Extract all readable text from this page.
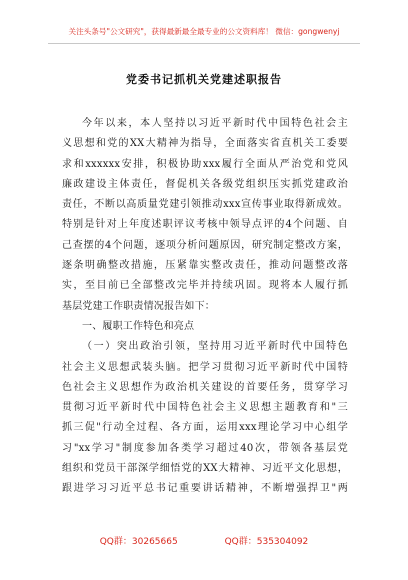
关注头条号"公文研究"，获得最新最全最专业的公文资料库！ 微信：gongwenyj
党委书记抓机关党建述职报告
今年以来，本人坚持以习近平新时代中国特色社会主
义思想和党的XX大精神为指导，全面落实省直机关工委要
求和xxxxxx安排，积极协助xxx履行全面从严治党和党风
廉政建设主体责任，督促机关各级党组织压实抓党建政治
责任，不断以高质量党建引领推动xxx宣传事业取得新成效。
特别是针对上年度述职评议考核中领导点评的4个问题、自
己查摆的4个问题，逐项分析问题原因，研究制定整改方案，
逐条明确整改措施，压紧靠实整改责任，推动问题整改落
实，至目前已全部整改完毕并持续巩固。现将本人履行抓
基层党建工作职责情况报告如下：
一、履职工作特色和亮点
（一）突出政治引领，坚持用习近平新时代中国特色
社会主义思想武装头脑。把学习贯彻习近平新时代中国特
色社会主义思想作为政治机关建设的首要任务，贯穿学习
贯彻习近平新时代中国特色社会主义思想主题教育和"三
抓三促"行动全过程、各方面，运用xxx理论学习中心组学
习"xx学习"制度参加各类学习超过40次，带领各基层党
组织和党员干部深学细悟党的XX大精神、习近平文化思想，
跟进学习习近平总书记重要讲话精神，不断增强捍卫"两
QQ群：30265665	QQ群：535304092
